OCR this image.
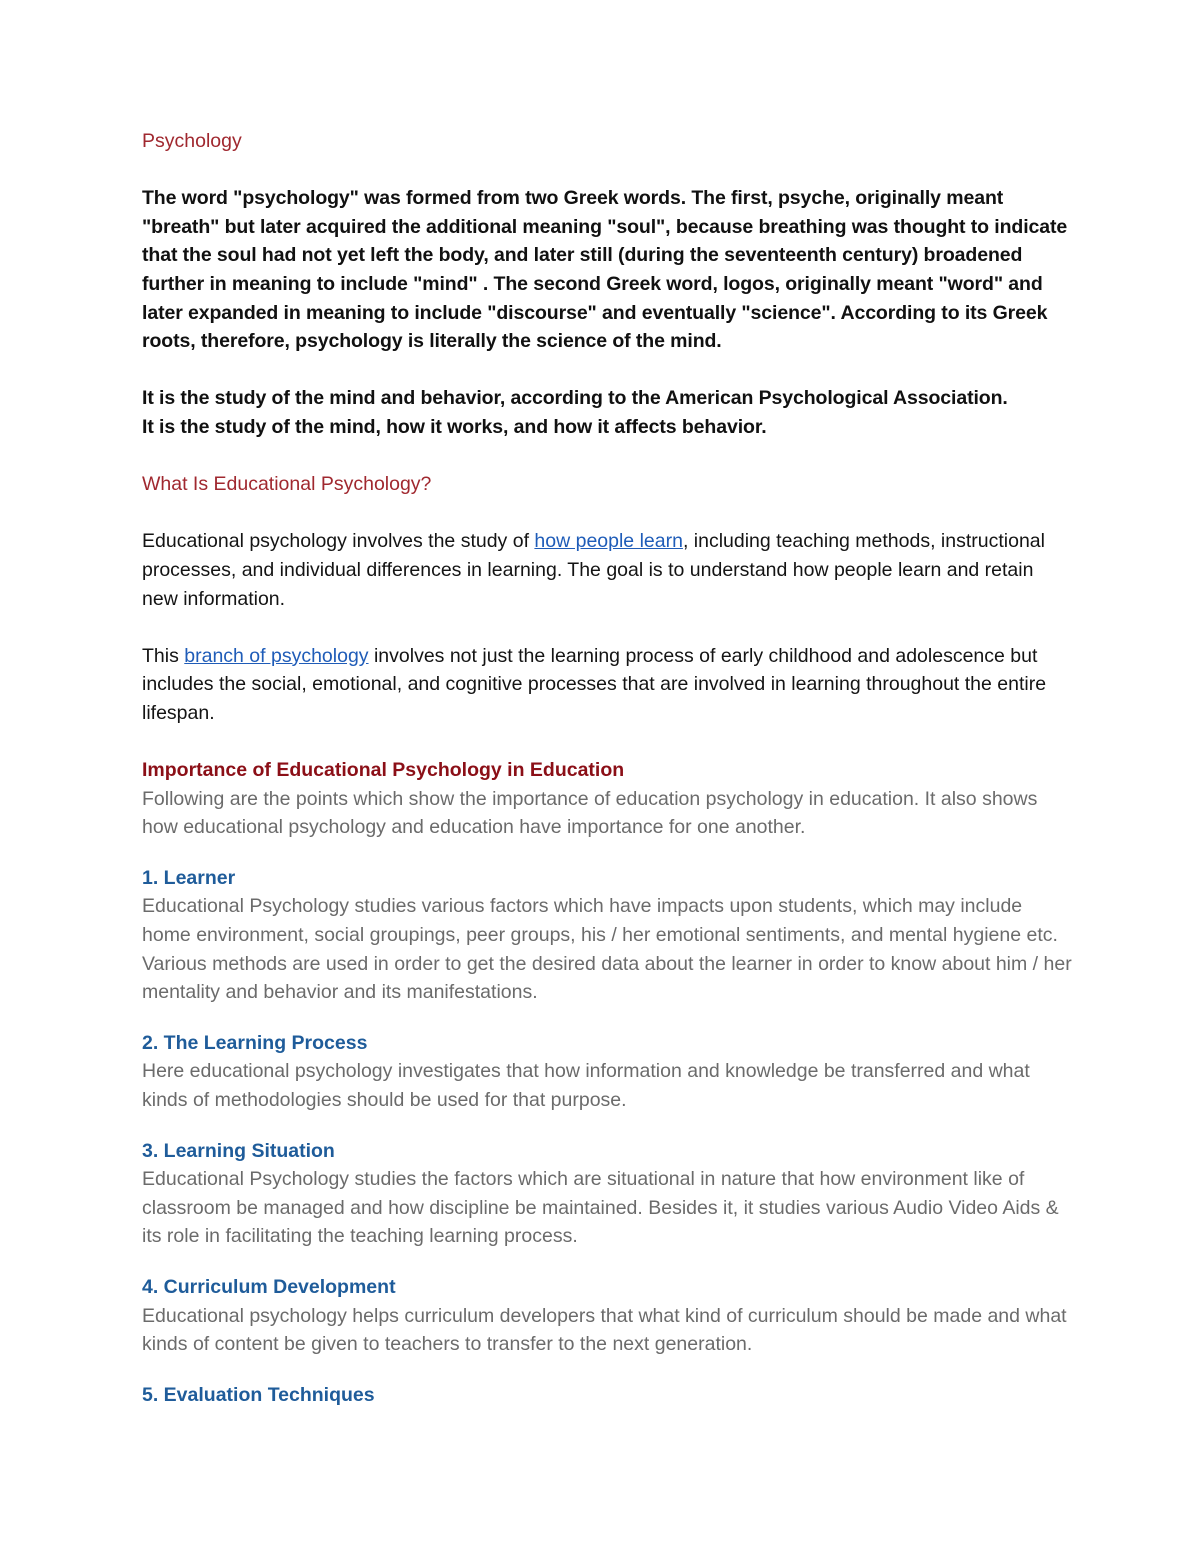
Psychology

The word "psychology" was formed from two Greek words. The first, psyche, originally meant "breath" but later acquired the additional meaning "soul", because breathing was thought to indicate that the soul had not yet left the body, and later still (during the seventeenth century) broadened further in meaning to include "mind" . The second Greek word, logos, originally meant "word" and later expanded in meaning to include "discourse" and eventually "science". According to its Greek roots, therefore, psychology is literally the science of the mind.

It is the study of the mind and behavior, according to the American Psychological Association.

It is the study of the mind, how it works, and how it affects behavior.

What Is Educational Psychology?

Educational psychology involves the study of how people learn, including teaching methods, instructional processes, and individual differences in learning. The goal is to understand how people learn and retain new information.

This branch of psychology involves not just the learning process of early childhood and adolescence but includes the social, emotional, and cognitive processes that are involved in learning throughout the entire lifespan.

Importance of Educational Psychology in Education

Following are the points which show the importance of education psychology in education. It also shows how educational psychology and education have importance for one another.

1. Learner

Educational Psychology studies various factors which have impacts upon students, which may include home environment, social groupings, peer groups, his / her emotional sentiments, and mental hygiene etc. Various methods are used in order to get the desired data about the learner in order to know about him / her mentality and behavior and its manifestations.

2. The Learning Process

Here educational psychology investigates that how information and knowledge be transferred and what kinds of methodologies should be used for that purpose.

3. Learning Situation

Educational Psychology studies the factors which are situational in nature that how environment like of classroom be managed and how discipline be maintained. Besides it, it studies various Audio Video Aids & its role in facilitating the teaching learning process.

4. Curriculum Development

Educational psychology helps curriculum developers that what kind of curriculum should be made and what kinds of content be given to teachers to transfer to the next generation.

5. Evaluation Techniques
